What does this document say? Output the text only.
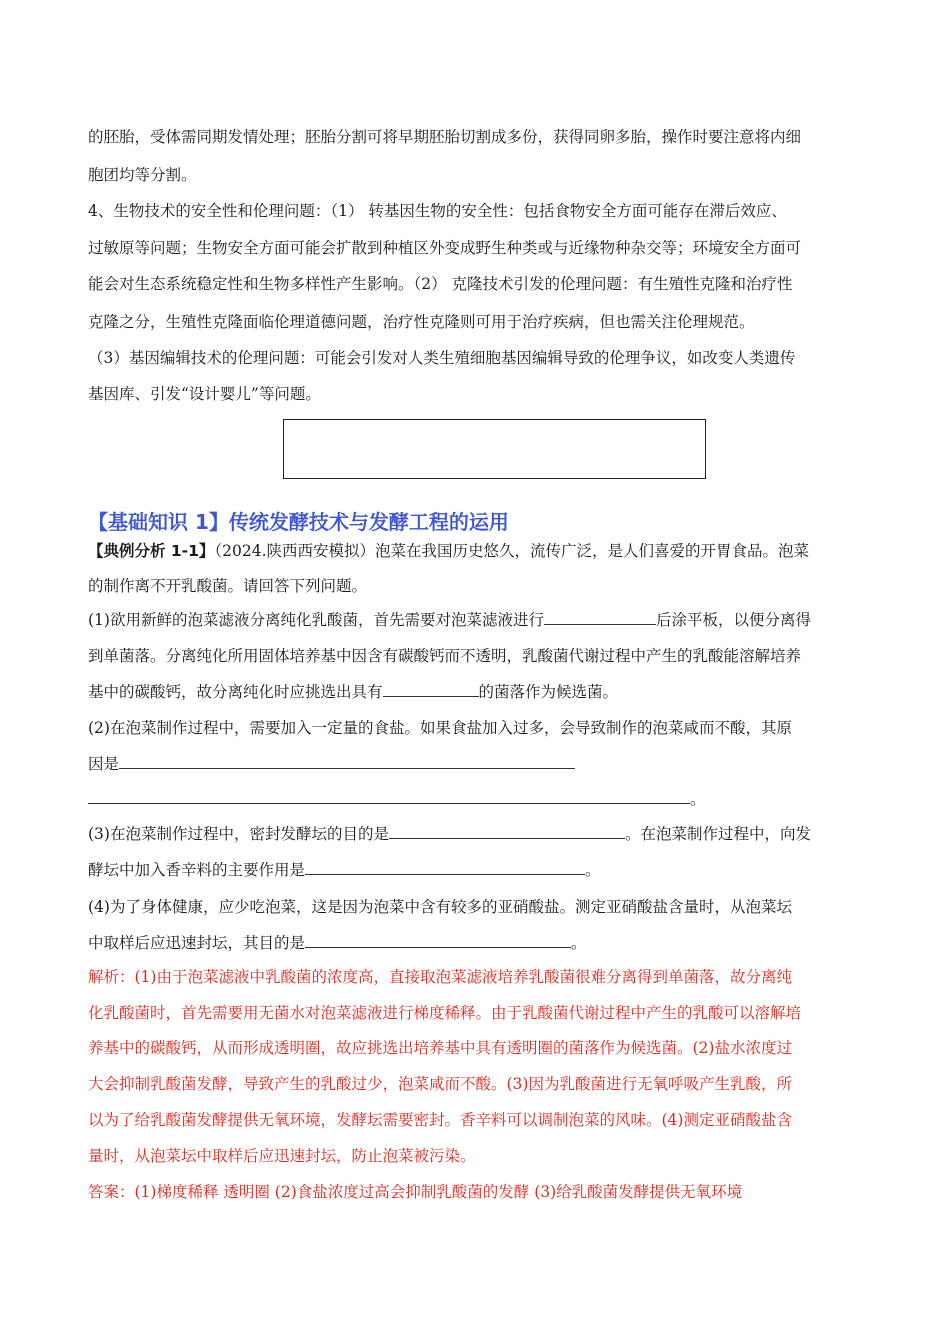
的胚胎，受体需同期发情处理；胚胎分割可将早期胚胎切割成多份，获得同卵多胎，操作时要注意将内细
胞团均等分割。
4、生物技术的安全性和伦理问题：（1） 转基因生物的安全性：包括食物安全方面可能存在滞后效应、
过敏原等问题；生物安全方面可能会扩散到种植区外变成野生种类或与近缘物种杂交等；环境安全方面可
能会对生态系统稳定性和生物多样性产生影响。（2） 克隆技术引发的伦理问题：有生殖性克隆和治疗性
克隆之分，生殖性克隆面临伦理道德问题，治疗性克隆则可用于治疗疾病，但也需关注伦理规范。
（3）基因编辑技术的伦理问题：可能会引发对人类生殖细胞基因编辑导致的伦理争议，如改变人类遗传
基因库、引发“设计婴儿”等问题。
【基础知识 1】传统发酵技术与发酵工程的运用
【典例分析 1-1】（2024.陕西西安模拟）泡菜在我国历史悠久，流传广泛，是人们喜爱的开胃食品。泡菜
的制作离不开乳酸菌。请回答下列问题。
(1)欲用新鲜的泡菜滤液分离纯化乳酸菌，首先需要对泡菜滤液进行	后涂平板，以便分离得
到单菌落。分离纯化所用固体培养基中因含有碳酸钙而不透明，乳酸菌代谢过程中产生的乳酸能溶解培养
基中的碳酸钙，故分离纯化时应挑选出具有	的菌落作为候选菌。
(2)在泡菜制作过程中，需要加入一定量的食盐。如果食盐加入过多，会导致制作的泡菜咸而不酸，其原
因是
。
(3)在泡菜制作过程中，密封发酵坛的目的是	。在泡菜制作过程中，向发
酵坛中加入香辛料的主要作用是	。
(4)为了身体健康，应少吃泡菜，这是因为泡菜中含有较多的亚硝酸盐。测定亚硝酸盐含量时，从泡菜坛
中取样后应迅速封坛，其目的是	。
解析：(1)由于泡菜滤液中乳酸菌的浓度高，直接取泡菜滤液培养乳酸菌很难分离得到单菌落，故分离纯
化乳酸菌时，首先需要用无菌水对泡菜滤液进行梯度稀释。由于乳酸菌代谢过程中产生的乳酸可以溶解培
养基中的碳酸钙，从而形成透明圈，故应挑选出培养基中具有透明圈的菌落作为候选菌。(2)盐水浓度过
大会抑制乳酸菌发酵，导致产生的乳酸过少，泡菜咸而不酸。(3)因为乳酸菌进行无氧呼吸产生乳酸，所
以为了给乳酸菌发酵提供无氧环境，发酵坛需要密封。香辛料可以调制泡菜的风味。(4)测定亚硝酸盐含
量时，从泡菜坛中取样后应迅速封坛，防止泡菜被污染。
答案：(1)梯度稀释 透明圈 (2)食盐浓度过高会抑制乳酸菌的发酵 (3)给乳酸菌发酵提供无氧环境
